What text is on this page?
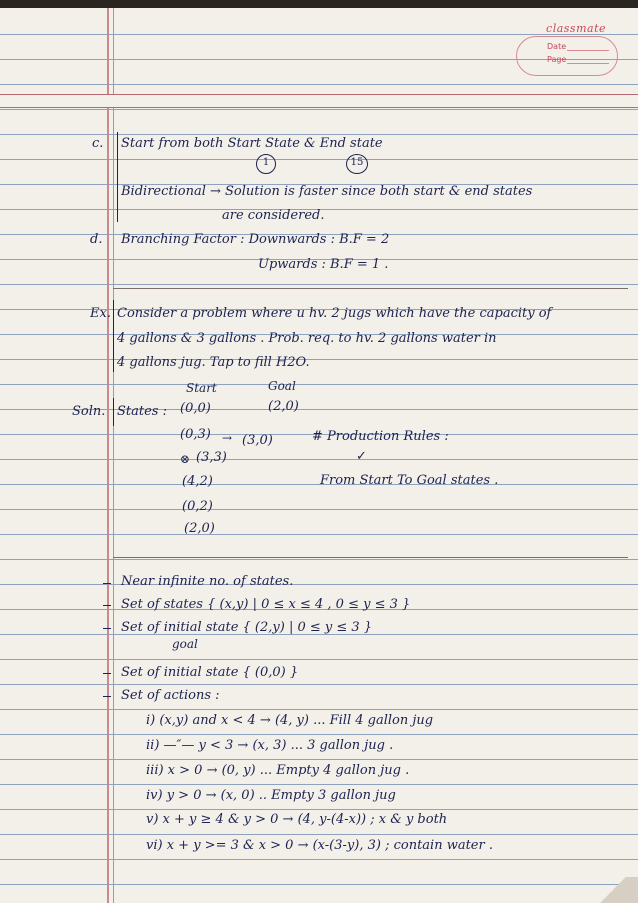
classmate
Date
Page
c. Start from both Start State & End state
1	15
Bidirectional → Solution is faster since both start & end states
are considered.
d. Branching Factor : Downwards : B.F = 2
Upwards : B.F = 1 .
Ex. Consider a problem where u hv. 2 jugs which have the capacity of
4 gallons & 3 gallons . Prob. req. to hv. 2 gallons water in
4 gallons jug. Tap to fill H2O.
Start	Goal
Soln. States : (0,0)	(2,0)
(0,3) → (3,0)	# Production Rules :
⊗ (3,3)	✓
(4,2)	From Start To Goal states .
(0,2)
(2,0)
Near infinite no. of states.
Set of states { (x,y) | 0 ≤ x ≤ 4 , 0 ≤ y ≤ 3 }
Set of initial state { (2,y) | 0 ≤ y ≤ 3 }
goal
Set of initial state { (0,0) }
Set of actions :
i) (x,y) and x < 4 → (4, y) ... Fill 4 gallon jug
ii) —″— y < 3 → (x, 3) ... 3 gallon jug .
iii) x > 0 → (0, y) ... Empty 4 gallon jug .
iv) y > 0 → (x, 0) .. Empty 3 gallon jug
v) x + y ≥ 4 & y > 0 → (4, y-(4-x)) ; x & y both
vi) x + y >= 3 & x > 0 → (x-(3-y), 3) ; contain water .
